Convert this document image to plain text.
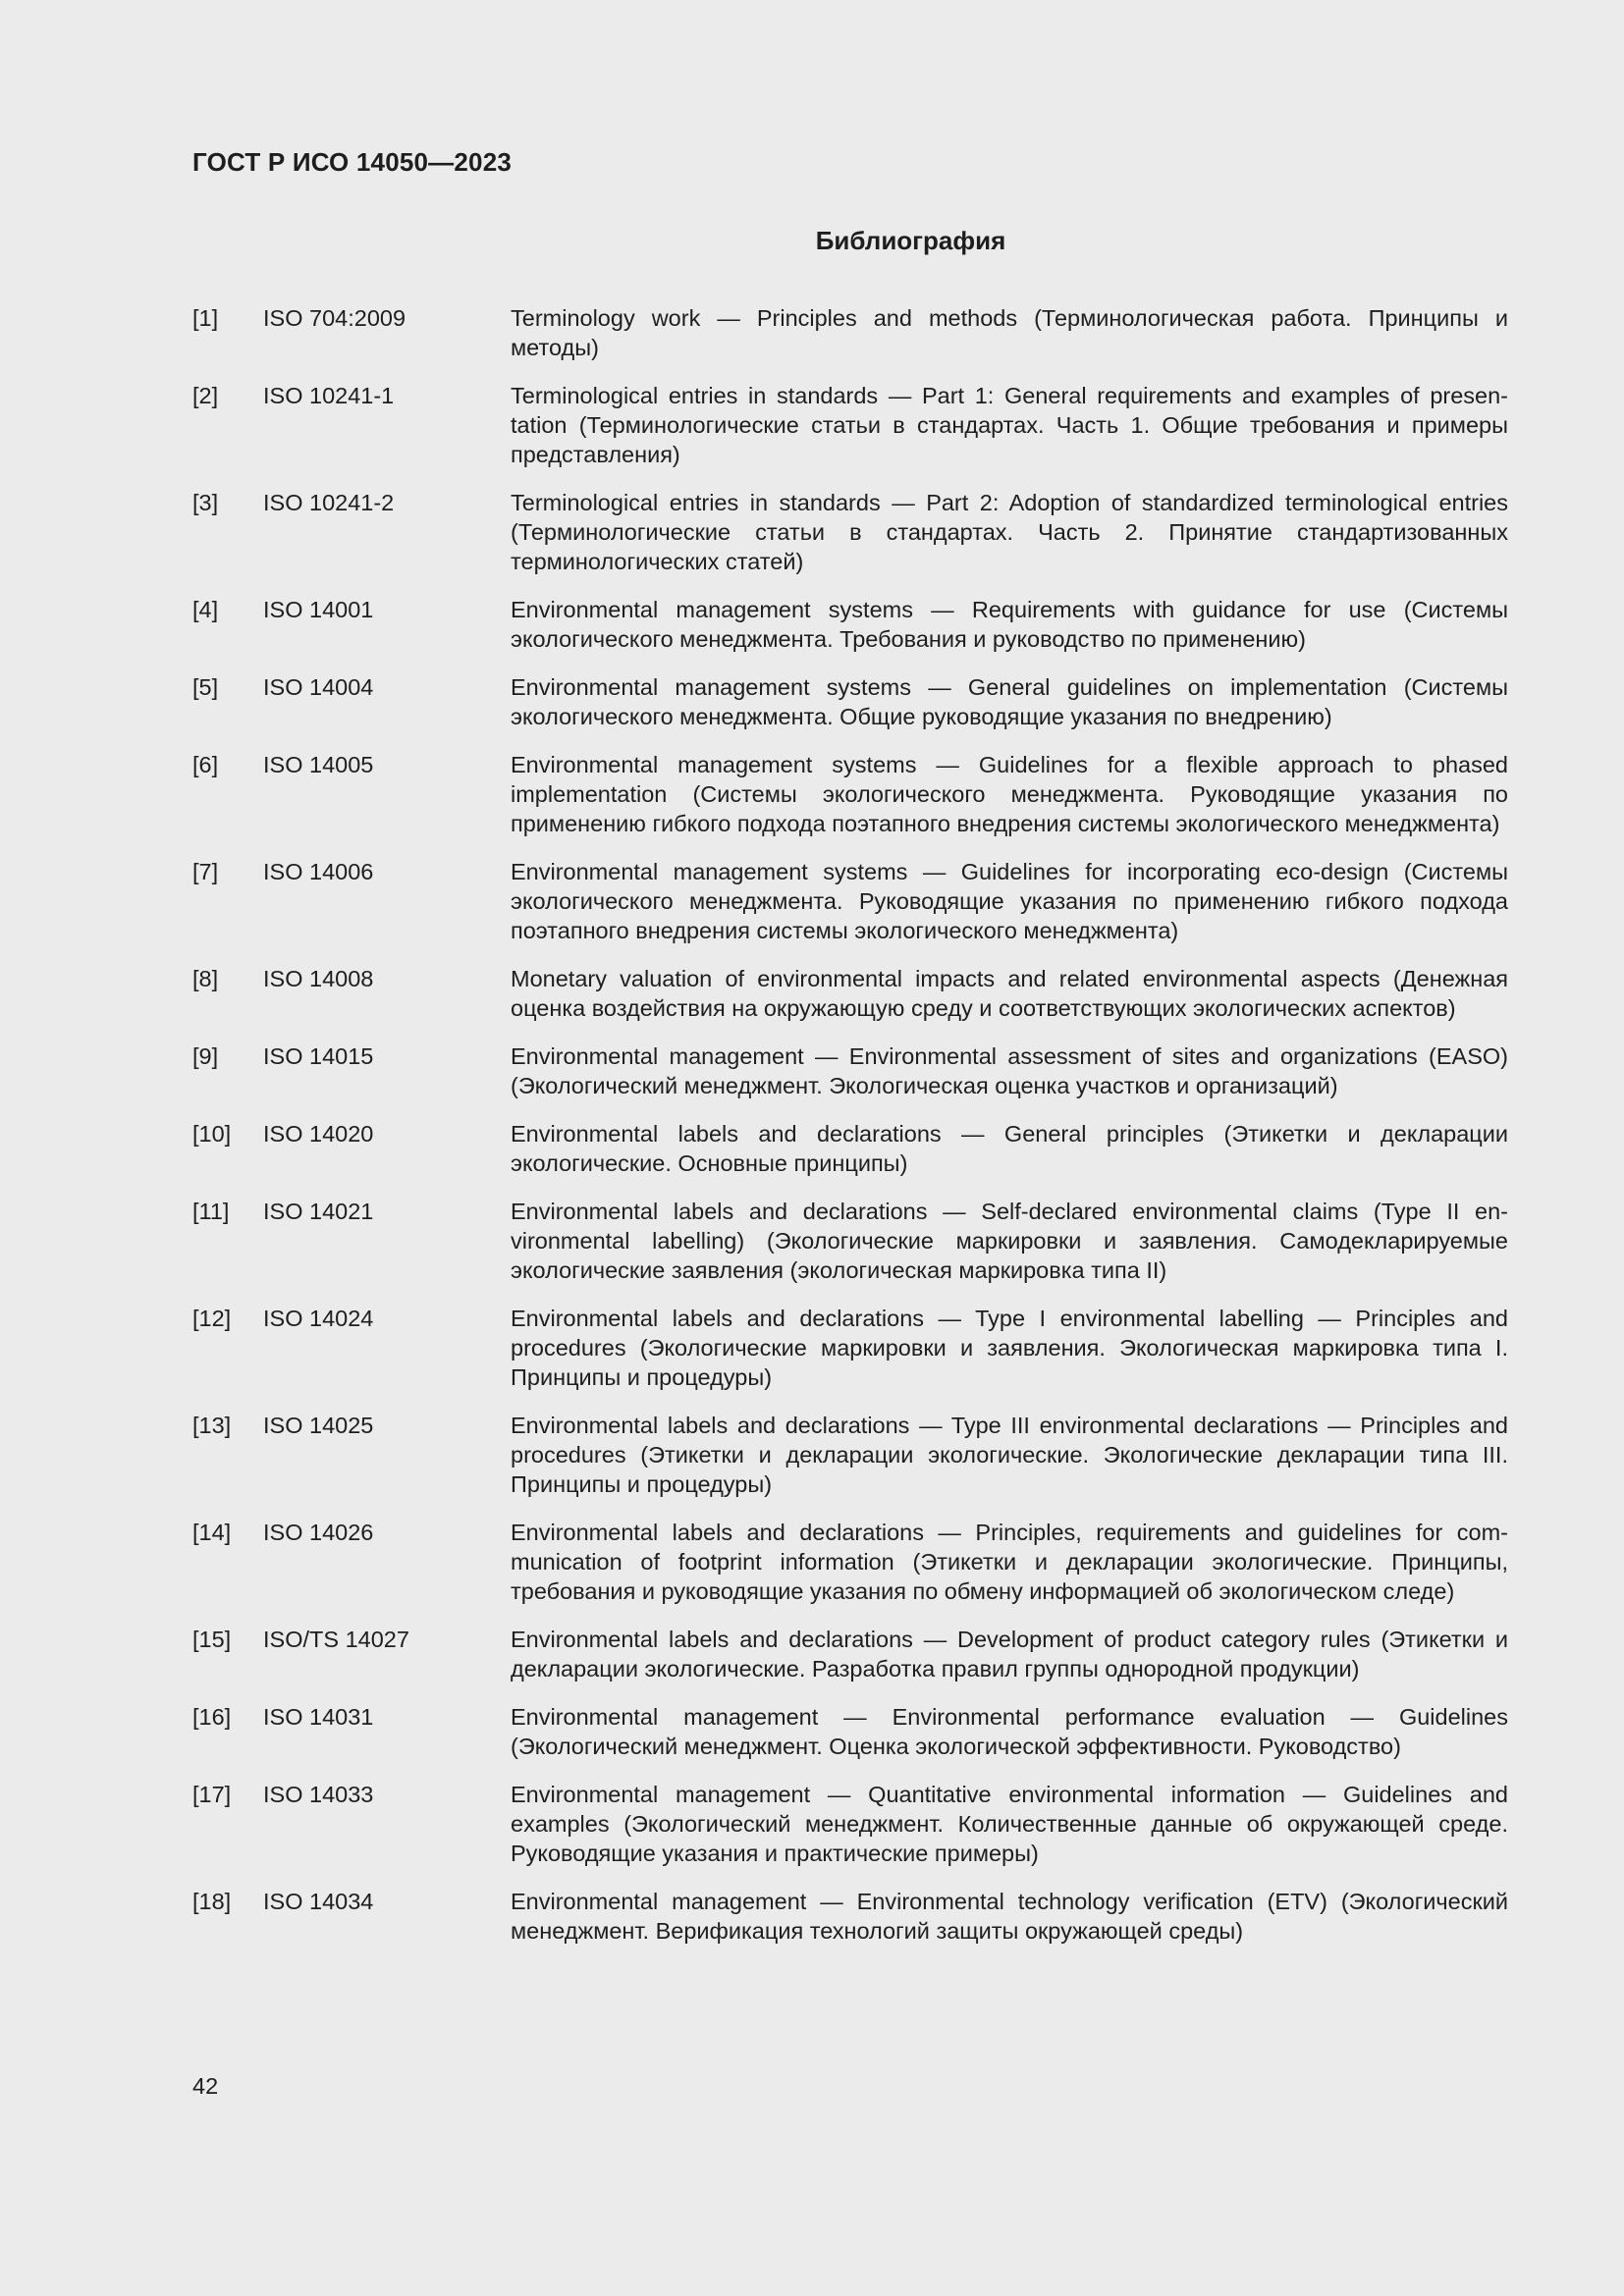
ГОСТ Р ИСО 14050—2023
Библиография
[1]	ISO 704:2009	Terminology work — Principles and methods (Терминологическая работа. Принципы и методы)
[2]	ISO 10241-1	Terminological entries in standards — Part 1: General requirements and examples of presentation (Терминологические статьи в стандартах. Часть 1. Общие требования и примеры представления)
[3]	ISO 10241-2	Terminological entries in standards — Part 2: Adoption of standardized terminological entries (Терминологические статьи в стандартах. Часть 2. Принятие стандартизованных терминологических статей)
[4]	ISO 14001	Environmental management systems — Requirements with guidance for use (Системы экологического менеджмента. Требования и руководство по применению)
[5]	ISO 14004	Environmental management systems — General guidelines on implementation (Системы экологического менеджмента. Общие руководящие указания по внедрению)
[6]	ISO 14005	Environmental management systems — Guidelines for a flexible approach to phased implementation (Системы экологического менеджмента. Руководящие указания по применению гибкого подхода поэтапного внедрения системы экологического менеджмента)
[7]	ISO 14006	Environmental management systems — Guidelines for incorporating eco-design (Системы экологического менеджмента. Руководящие указания по применению гибкого подхода поэтапного внедрения системы экологического менеджмента)
[8]	ISO 14008	Monetary valuation of environmental impacts and related environmental aspects (Денежная оценка воздействия на окружающую среду и соответствующих экологических аспектов)
[9]	ISO 14015	Environmental management — Environmental assessment of sites and organizations (EASO) (Экологический менеджмент. Экологическая оценка участков и организаций)
[10]	ISO 14020	Environmental labels and declarations — General principles (Этикетки и декларации экологические. Основные принципы)
[11]	ISO 14021	Environmental labels and declarations — Self-declared environmental claims (Type II environmental labelling) (Экологические маркировки и заявления. Самодекларируемые экологические заявления (экологическая маркировка типа II)
[12]	ISO 14024	Environmental labels and declarations — Type I environmental labelling — Principles and procedures (Экологические маркировки и заявления. Экологическая маркировка типа I. Принципы и процедуры)
[13]	ISO 14025	Environmental labels and declarations — Type III environmental declarations — Principles and procedures (Этикетки и декларации экологические. Экологические декларации типа III. Принципы и процедуры)
[14]	ISO 14026	Environmental labels and declarations — Principles, requirements and guidelines for communication of footprint information (Этикетки и декларации экологические. Принципы, требования и руководящие указания по обмену информацией об экологическом следе)
[15]	ISO/TS 14027	Environmental labels and declarations — Development of product category rules (Этикетки и декларации экологические. Разработка правил группы однородной продукции)
[16]	ISO 14031	Environmental management — Environmental performance evaluation — Guidelines (Экологический менеджмент. Оценка экологической эффективности. Руководство)
[17]	ISO 14033	Environmental management — Quantitative environmental information — Guidelines and examples (Экологический менеджмент. Количественные данные об окружающей среде. Руководящие указания и практические примеры)
[18]	ISO 14034	Environmental management — Environmental technology verification (ETV) (Экологический менеджмент. Верификация технологий защиты окружающей среды)
42
